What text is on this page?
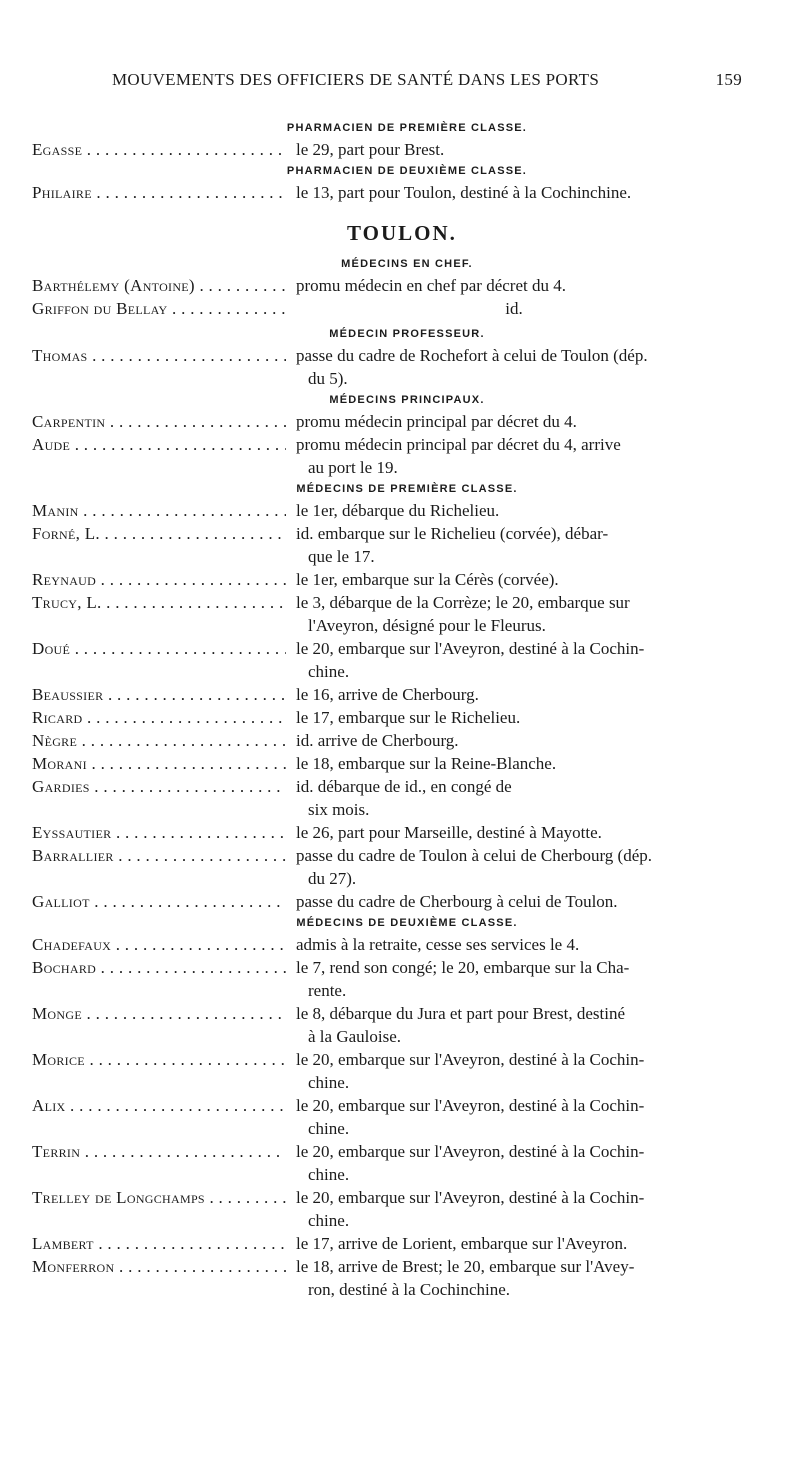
MOUVEMENTS DES OFFICIERS DE SANTÉ DANS LES PORTS	159
PHARMACIEN DE PREMIÈRE CLASSE.
Egasse . . .	le 29, part pour Brest.
PHARMACIEN DE DEUXIÈME CLASSE.
Philaire . . .	le 13, part pour Toulon, destiné à la Cochinchine.
TOULON.
MÉDECINS EN CHEF.
Barthélemy (Antoine) . . .	promu médecin en chef par décret du 4.
Griffon du Bellay . . .	id.
MÉDECIN PROFESSEUR.
Thomas . . .	passe du cadre de Rochefort à celui de Toulon (dép.
du 5).
MÉDECINS PRINCIPAUX.
Carpentin . . .	promu médecin principal par décret du 4.
Aude . . .	promu médecin principal par décret du 4, arrive
au port le 19.
MÉDECINS DE PREMIÈRE CLASSE.
Manin . . .	le 1er, débarque du Richelieu.
Forné, L. . . .	id. embarque sur le Richelieu (corvée), débar-
que le 17.
Reynaud . . .	le 1er, embarque sur la Cérès (corvée).
Trucy, L. . . .	le 3, débarque de la Corrèze; le 20, embarque sur
l'Aveyron, désigné pour le Fleurus.
Doué . . .	le 20, embarque sur l'Aveyron, destiné à la Cochin-
chine.
Beaussier . . .	le 16, arrive de Cherbourg.
Ricard . . .	le 17, embarque sur le Richelieu.
Nègre . . .	id. arrive de Cherbourg.
Morani . . .	le 18, embarque sur la Reine-Blanche.
Gardies . . .	id. débarque de id., en congé de
six mois.
Eyssautier . . .	le 26, part pour Marseille, destiné à Mayotte.
Barrallier . . .	passe du cadre de Toulon à celui de Cherbourg (dép.
du 27).
Galliot . . .	passe du cadre de Cherbourg à celui de Toulon.
MÉDECINS DE DEUXIÈME CLASSE.
Chadefaux . . .	admis à la retraite, cesse ses services le 4.
Bochard . . .	le 7, rend son congé; le 20, embarque sur la Cha-
rente.
Monge . . .	le 8, débarque du Jura et part pour Brest, destiné
à la Gauloise.
Morice . . .	le 20, embarque sur l'Aveyron, destiné à la Cochin-
chine.
Alix . . .	le 20, embarque sur l'Aveyron, destiné à la Cochin-
chine.
Terrin . . .	le 20, embarque sur l'Aveyron, destiné à la Cochin-
chine.
Trelley de Longchamps . . .	le 20, embarque sur l'Aveyron, destiné à la Cochin-
chine.
Lambert . . .	le 17, arrive de Lorient, embarque sur l'Aveyron.
Monferron . . .	le 18, arrive de Brest; le 20, embarque sur l'Avey-
ron, destiné à la Cochinchine.
